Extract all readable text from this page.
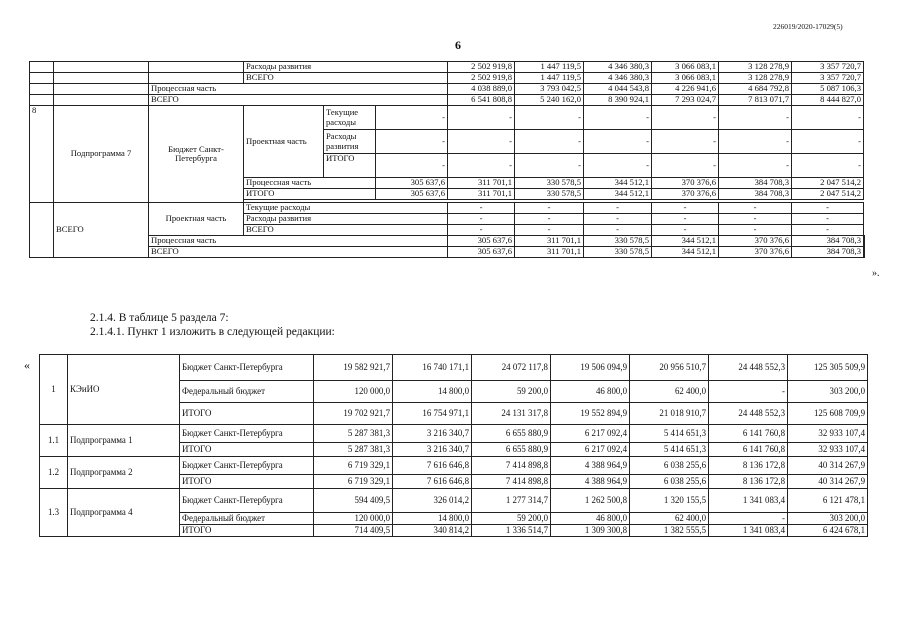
226019/2020-17029(5)
6
			Расходы развития			2 502 919,8	1 447 119,5	4 346 380,3	3 066 083,1	3 128 278,9	3 357 720,7	
			ВСЕГО			2 502 919,8	1 447 119,5	4 346 380,3	3 066 083,1	3 128 278,9	3 357 720,7	
		Процессная часть				4 038 889,0	3 793 042,5	4 044 543,8	4 226 941,6	4 684 792,8	5 087 106,3	
		ВСЕГО				6 541 808,8	5 240 162,0	8 390 924,1	7 293 024,7	7 813 071,7	8 444 827,0	
8	Подпрограмма 7	Бюджет Санкт-Петербурга	Проектная часть	Текущие расходы	-	-	-	-	-	-	-	
				Расходы развития	-	-	-	-	-	-	-	
				ИТОГО	-	-	-	-	-	-	-	
			Процессная часть		305 637,6	311 701,1	330 578,5	344 512,1	370 376,6	384 708,3	2 047 514,2	
			ИТОГО		305 637,6	311 701,1	330 578,5	344 512,1	370 376,6	384 708,3	2 047 514,2	

	ВСЕГО	Проектная часть	Текущие расходы			-	-	-	-	-	-	
			Расходы развития			-	-	-	-	-	-	
			ВСЕГО			-	-	-	-	-	-	
		Процессная часть				305 637,6	311 701,1	330 578,5	344 512,1	370 376,6	384 708,3	
		ВСЕГО				305 637,6	311 701,1	330 578,5	344 512,1	370 376,6	384 708,3	
».
2.1.4. В таблице 5 раздела 7:
2.1.4.1. Пункт 1 изложить в следующей редакции:
«
1	КЭиИО	Бюджет Санкт-Петербурга	19 582 921,7	16 740 171,1	24 072 117,8	19 506 094,9	20 956 510,7	24 448 552,3	125 305 509,9
		Федеральный бюджет	120 000,0	14 800,0	59 200,0	46 800,0	62 400,0	-	303 200,0
		ИТОГО	19 702 921,7	16 754 971,1	24 131 317,8	19 552 894,9	21 018 910,7	24 448 552,3	125 608 709,9
1.1	Подпрограмма 1	Бюджет Санкт-Петербурга	5 287 381,3	3 216 340,7	6 655 880,9	6 217 092,4	5 414 651,3	6 141 760,8	32 933 107,4
		ИТОГО	5 287 381,3	3 216 340,7	6 655 880,9	6 217 092,4	5 414 651,3	6 141 760,8	32 933 107,4
1.2	Подпрограмма 2	Бюджет Санкт-Петербурга	6 719 329,1	7 616 646,8	7 414 898,8	4 388 964,9	6 038 255,6	8 136 172,8	40 314 267,9
		ИТОГО	6 719 329,1	7 616 646,8	7 414 898,8	4 388 964,9	6 038 255,6	8 136 172,8	40 314 267,9
1.3	Подпрограмма 4	Бюджет Санкт-Петербурга	594 409,5	326 014,2	1 277 314,7	1 262 500,8	1 320 155,5	1 341 083,4	6 121 478,1
		Федеральный бюджет	120 000,0	14 800,0	59 200,0	46 800,0	62 400,0	-	303 200,0
		ИТОГО	714 409,5	340 814,2	1 336 514,7	1 309 300,8	1 382 555,5	1 341 083,4	6 424 678,1
